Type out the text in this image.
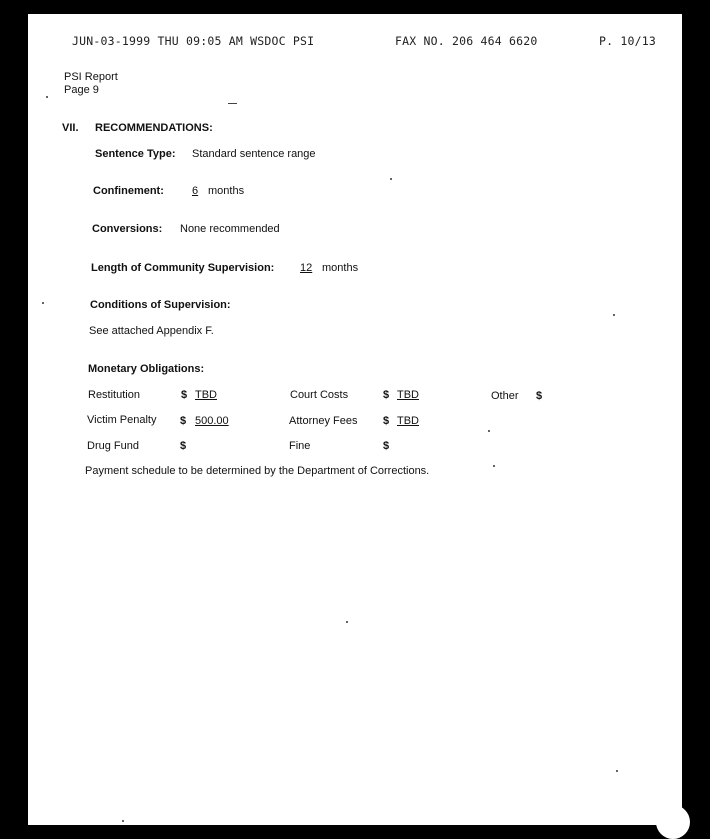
JUN-03-1999 THU 09:05 AM WSDOC PSI	FAX NO. 206 464 6620	P. 10/13
PSI Report
Page 9
VII. RECOMMENDATIONS:
Sentence Type: Standard sentence range
Confinement:	6 months
Conversions: None recommended
Length of Community Supervision: 12 months
Conditions of Supervision:
See attached Appendix F.
Monetary Obligations:
Restitution	$ TBD	Court Costs	$ TBD	Other $
Victim Penalty $ 500.00	Attorney Fees $ TBD
Drug Fund	$	Fine	$
Payment schedule to be determined by the Department of Corrections.
